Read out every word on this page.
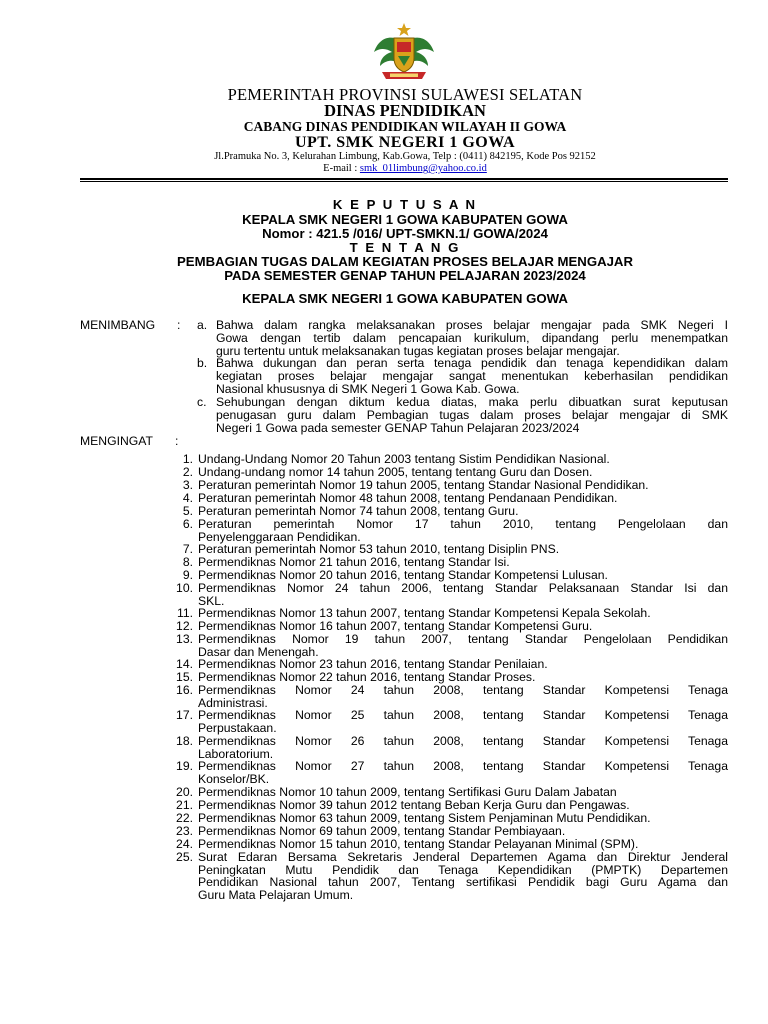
PEMERINTAH PROVINSI SULAWESI SELATAN
DINAS PENDIDIKAN
CABANG DINAS PENDIDIKAN WILAYAH II GOWA
UPT. SMK NEGERI 1 GOWA
Jl.Pramuka No. 3, Kelurahan Limbung, Kab.Gowa, Telp : (0411) 842195, Kode Pos 92152
E-mail : smk_01limbung@yahoo.co.id
K E P U T U S A N
KEPALA SMK NEGERI 1 GOWA KABUPATEN GOWA
Nomor : 421.5 /016/ UPT-SMKN.1/ GOWA/2024
T E N T A N G
PEMBAGIAN TUGAS DALAM KEGIATAN PROSES BELAJAR MENGAJAR
PADA SEMESTER GENAP TAHUN PELAJARAN 2023/2024
KEPALA SMK NEGERI 1 GOWA KABUPATEN GOWA
MENIMBANG : a. Bahwa dalam rangka melaksanakan proses belajar mengajar pada SMK Negeri I
Gowa dengan tertib dalam pencapaian kurikulum, dipandang perlu menempatkan
guru tertentu untuk melaksanakan tugas kegiatan proses belajar mengajar.
b. Bahwa dukungan dan peran serta tenaga pendidik dan tenaga kependidikan dalam
kegiatan proses belajar mengajar sangat menentukan keberhasilan pendidikan
Nasional khususnya di SMK Negeri 1 Gowa Kab. Gowa.
c. Sehubungan dengan diktum kedua diatas, maka perlu dibuatkan surat keputusan
penugasan guru dalam Pembagian tugas dalam proses belajar mengajar di SMK
Negeri 1 Gowa pada semester GENAP Tahun Pelajaran 2023/2024
MENGINGAT :
1. Undang-Undang Nomor 20 Tahun 2003 tentang Sistim Pendidikan Nasional.
2. Undang-undang nomor 14 tahun 2005, tentang tentang Guru dan Dosen.
3. Peraturan pemerintah Nomor 19 tahun 2005, tentang Standar Nasional Pendidikan.
4. Peraturan pemerintah Nomor 48 tahun 2008, tentang Pendanaan Pendidikan.
5. Peraturan pemerintah Nomor 74 tahun 2008, tentang Guru.
6. Peraturan pemerintah Nomor 17 tahun 2010, tentang Pengelolaan dan
Penyelenggaraan Pendidikan.
7. Peraturan pemerintah Nomor 53 tahun 2010, tentang Disiplin PNS.
8. Permendiknas Nomor 21 tahun 2016, tentang Standar Isi.
9. Permendiknas Nomor 20 tahun 2016, tentang Standar Kompetensi Lulusan.
10. Permendiknas Nomor 24 tahun 2006, tentang Standar Pelaksanaan Standar Isi dan
SKL.
11. Permendiknas Nomor 13 tahun 2007, tentang Standar Kompetensi Kepala Sekolah.
12. Permendiknas Nomor 16 tahun 2007, tentang Standar Kompetensi Guru.
13. Permendiknas Nomor 19 tahun 2007, tentang Standar Pengelolaan Pendidikan
Dasar dan Menengah.
14. Permendiknas Nomor 23 tahun 2016, tentang Standar Penilaian.
15. Permendiknas Nomor 22 tahun 2016, tentang Standar Proses.
16. Permendiknas Nomor 24 tahun 2008, tentang Standar Kompetensi Tenaga
Administrasi.
17. Permendiknas Nomor 25 tahun 2008, tentang Standar Kompetensi Tenaga
Perpustakaan.
18. Permendiknas Nomor 26 tahun 2008, tentang Standar Kompetensi Tenaga
Laboratorium.
19. Permendiknas Nomor 27 tahun 2008, tentang Standar Kompetensi Tenaga
Konselor/BK.
20. Permendiknas Nomor 10 tahun 2009, tentang Sertifikasi Guru Dalam Jabatan
21. Permendiknas Nomor 39 tahun 2012 tentang Beban Kerja Guru dan Pengawas.
22. Permendiknas Nomor 63 tahun 2009, tentang Sistem Penjaminan Mutu Pendidikan.
23. Permendiknas Nomor 69 tahun 2009, tentang Standar Pembiayaan.
24. Permendiknas Nomor 15 tahun 2010, tentang Standar Pelayanan Minimal (SPM).
25. Surat Edaran Bersama Sekretaris Jenderal Departemen Agama dan Direktur Jenderal
Peningkatan Mutu Pendidik dan Tenaga Kependidikan (PMPTK) Departemen
Pendidikan Nasional tahun 2007, Tentang sertifikasi Pendidik bagi Guru Agama dan
Guru Mata Pelajaran Umum.
